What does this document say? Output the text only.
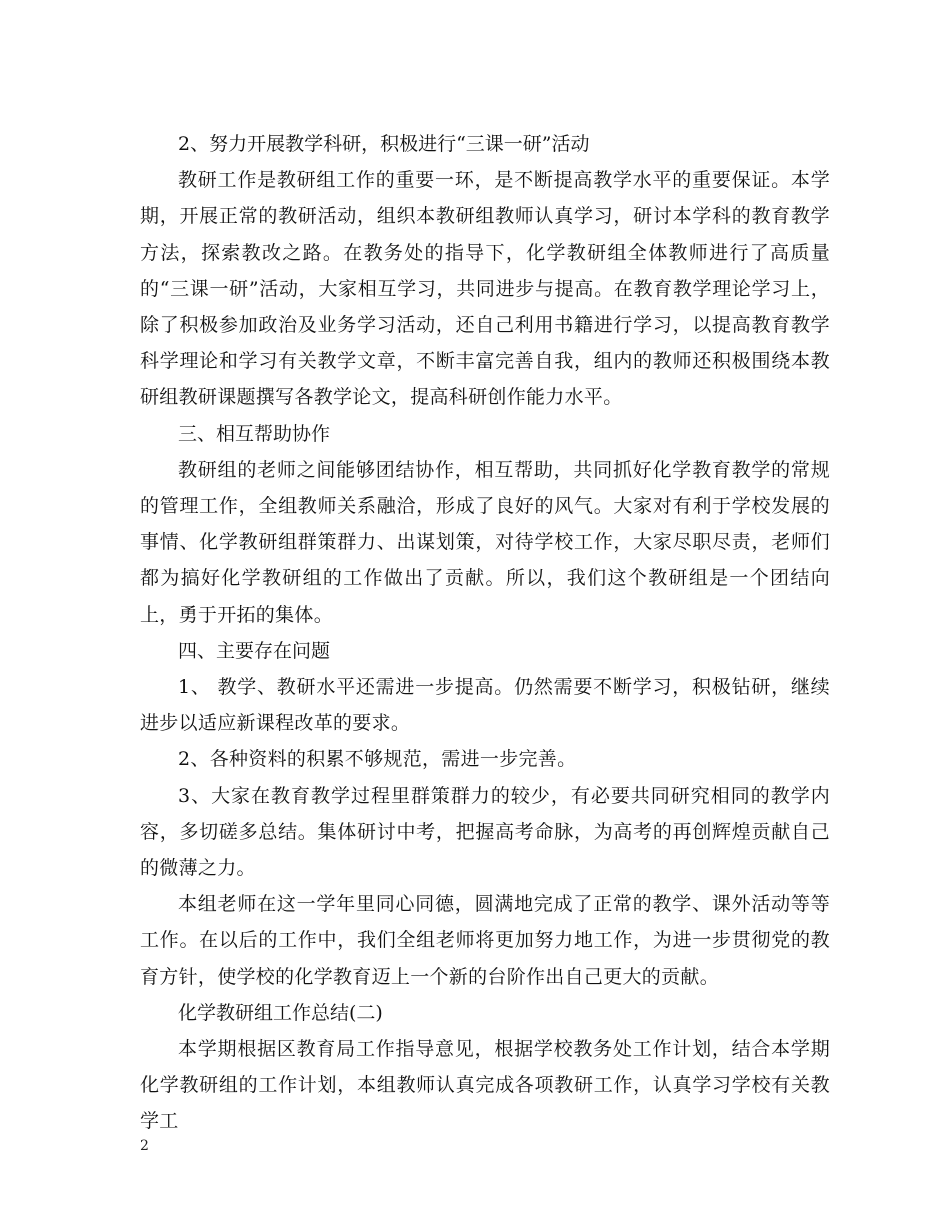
2、努力开展教学科研，积极进行“三课一研”活动

教研工作是教研组工作的重要一环，是不断提高教学水平的重要保证。本学期，开展正常的教研活动，组织本教研组教师认真学习，研讨本学科的教育教学方法，探索教改之路。在教务处的指导下，化学教研组全体教师进行了高质量的“三课一研”活动，大家相互学习，共同进步与提高。在教育教学理论学习上，除了积极参加政治及业务学习活动，还自己利用书籍进行学习，以提高教育教学科学理论和学习有关教学文章，不断丰富完善自我，组内的教师还积极围绕本教研组教研课题撰写各教学论文，提高科研创作能力水平。

三、相互帮助协作

教研组的老师之间能够团结协作，相互帮助，共同抓好化学教育教学的常规的管理工作，全组教师关系融洽，形成了良好的风气。大家对有利于学校发展的事情、化学教研组群策群力、出谋划策，对待学校工作，大家尽职尽责，老师们都为搞好化学教研组的工作做出了贡献。所以，我们这个教研组是一个团结向上，勇于开拓的集体。

四、主要存在问题

1、 教学、教研水平还需进一步提高。仍然需要不断学习，积极钻研，继续进步以适应新课程改革的要求。

2、各种资料的积累不够规范，需进一步完善。

3、大家在教育教学过程里群策群力的较少，有必要共同研究相同的教学内容，多切磋多总结。集体研讨中考，把握高考命脉，为高考的再创辉煌贡献自己的微薄之力。

本组老师在这一学年里同心同德，圆满地完成了正常的教学、课外活动等等工作。在以后的工作中，我们全组老师将更加努力地工作，为进一步贯彻党的教育方针，使学校的化学教育迈上一个新的台阶作出自己更大的贡献。

化学教研组工作总结(二)

本学期根据区教育局工作指导意见，根据学校教务处工作计划，结合本学期化学教研组的工作计划，本组教师认真完成各项教研工作，认真学习学校有关教学工

2
